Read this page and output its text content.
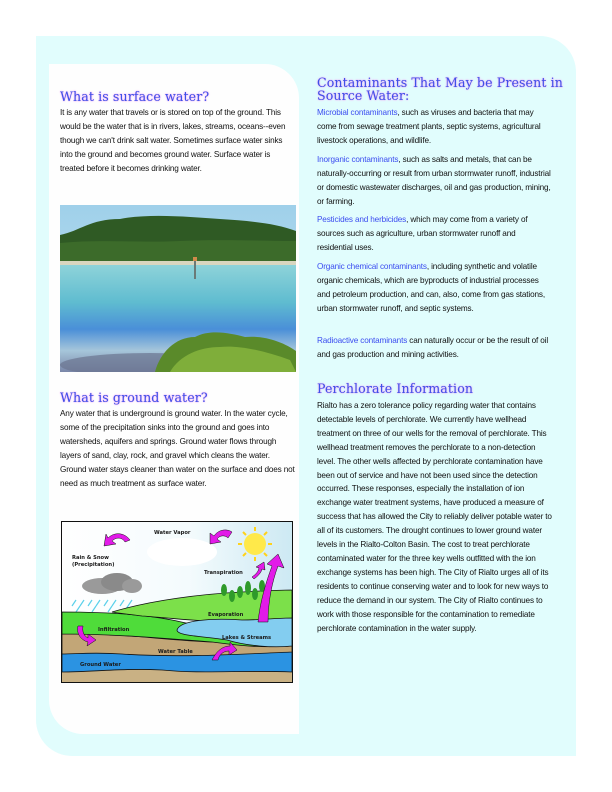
What is surface water?
It is any water that travels or is stored on top of the ground. This would be the water that is in rivers, lakes, streams, oceans--even though we can't drink salt water. Sometimes surface water sinks into the ground and becomes ground water. Surface water is treated before it becomes drinking water.
What is ground water?
Any water that is underground is ground water. In the water cycle, some of the precipitation sinks into the ground and goes into watersheds, aquifers and springs. Ground water flows through layers of sand, clay, rock, and gravel which cleans the water. Ground water stays cleaner than water on the surface and does not need as much treatment as surface water.
Water Vapor
Rain & Snow
(Precipitation)
Transpiration
Evaporation
Infiltration
Lakes & Streams
Water Table
Ground Water
Contaminants That May be Present in
Source Water:
Microbial contaminants, such as viruses and bacteria that may come from sewage treatment plants, septic systems, agricultural livestock operations, and wildlife.
Inorganic contaminants, such as salts and metals, that can be naturally-occurring or result from urban stormwater runoff, industrial or domestic wastewater discharges, oil and gas production, mining, or farming.
Pesticides and herbicides, which may come from a variety of sources such as agriculture, urban stormwater runoff and residential uses.
Organic chemical contaminants, including synthetic and volatile organic chemicals, which are byproducts of industrial processes and petroleum production, and can, also, come from gas stations, urban stormwater runoff, and septic systems.
Radioactive contaminants can naturally occur or be the result of oil and gas production and mining activities.
Perchlorate Information
Rialto has a zero tolerance policy regarding water that contains detectable levels of perchlorate. We currently have wellhead treatment on three of our wells for the removal of perchlorate. This wellhead treatment removes the perchlorate to a non-detection level. The other wells affected by perchlorate contamination have been out of service and have not been used since the detection occurred. These responses, especially the installation of ion exchange water treatment systems, have produced a measure of success that has allowed the City to reliably deliver potable water to all of its customers. The drought continues to lower ground water levels in the Rialto-Colton Basin. The cost to treat perchlorate contaminated water for the three key wells outfitted with the ion exchange systems has been high. The City of Rialto urges all of its residents to continue conserving water and to look for new ways to reduce the demand in our system. The City of Rialto continues to work with those responsible for the contamination to remediate perchlorate contamination in the water supply.
